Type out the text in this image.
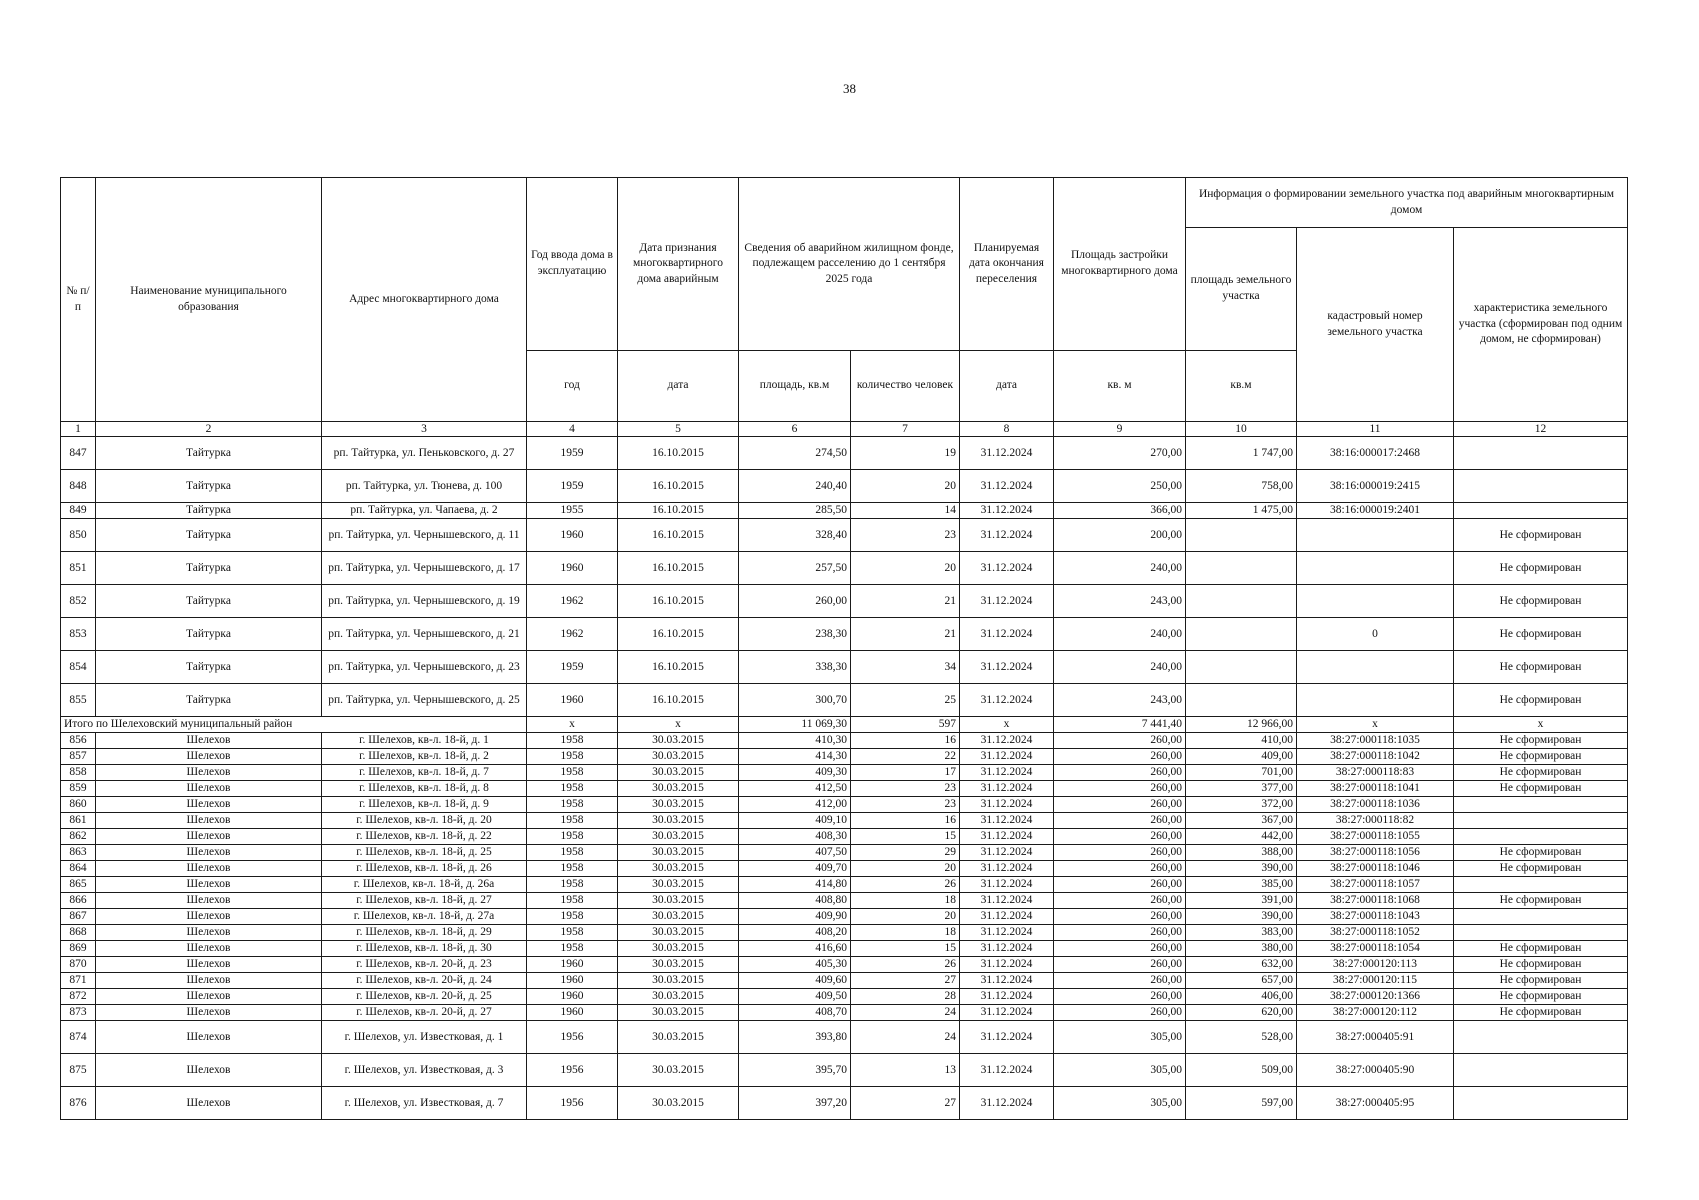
38
№ п/п	Наименование муниципального образования	Адрес многоквартирного дома	Год ввода дома в эксплуатацию	Дата признания многоквартирного дома аварийным	Сведения об аварийном жилищном фонде, подлежащем расселению до 1 сентября 2025 года		Планируемая дата окончания переселения	Площадь застройки многоквартирного дома	Информация о формировании земельного участка под аварийным многоквартирным домом		
									площадь земельного участка	кадастровый номер земельного участка	характеристика земельного участка (сформирован под одним домом, не сформирован)
			год	дата	площадь, кв.м	количество человек	дата	кв. м	кв.м		
1	2	3	4	5	6	7	8	9	10	11	12
847	Тайтурка	рп. Тайтурка, ул. Пеньковского, д. 27	1959	16.10.2015	274,50	19	31.12.2024	270,00	1 747,00	38:16:000017:2468	
848	Тайтурка	рп. Тайтурка, ул. Тюнева, д. 100	1959	16.10.2015	240,40	20	31.12.2024	250,00	758,00	38:16:000019:2415	
849	Тайтурка	рп. Тайтурка, ул. Чапаева, д. 2	1955	16.10.2015	285,50	14	31.12.2024	366,00	1 475,00	38:16:000019:2401	
850	Тайтурка	рп. Тайтурка, ул. Чернышевского, д. 11	1960	16.10.2015	328,40	23	31.12.2024	200,00			Не сформирован
851	Тайтурка	рп. Тайтурка, ул. Чернышевского, д. 17	1960	16.10.2015	257,50	20	31.12.2024	240,00			Не сформирован
852	Тайтурка	рп. Тайтурка, ул. Чернышевского, д. 19	1962	16.10.2015	260,00	21	31.12.2024	243,00			Не сформирован
853	Тайтурка	рп. Тайтурка, ул. Чернышевского, д. 21	1962	16.10.2015	238,30	21	31.12.2024	240,00		0	Не сформирован
854	Тайтурка	рп. Тайтурка, ул. Чернышевского, д. 23	1959	16.10.2015	338,30	34	31.12.2024	240,00			Не сформирован
855	Тайтурка	рп. Тайтурка, ул. Чернышевского, д. 25	1960	16.10.2015	300,70	25	31.12.2024	243,00			Не сформирован
Итого по Шелеховский муниципальный район			х	х	11 069,30	597	х	7 441,40	12 966,00	х	х
856	Шелехов	г. Шелехов, кв-л. 18-й, д. 1	1958	30.03.2015	410,30	16	31.12.2024	260,00	410,00	38:27:000118:1035	Не сформирован
857	Шелехов	г. Шелехов, кв-л. 18-й, д. 2	1958	30.03.2015	414,30	22	31.12.2024	260,00	409,00	38:27:000118:1042	Не сформирован
858	Шелехов	г. Шелехов, кв-л. 18-й, д. 7	1958	30.03.2015	409,30	17	31.12.2024	260,00	701,00	38:27:000118:83	Не сформирован
859	Шелехов	г. Шелехов, кв-л. 18-й, д. 8	1958	30.03.2015	412,50	23	31.12.2024	260,00	377,00	38:27:000118:1041	Не сформирован
860	Шелехов	г. Шелехов, кв-л. 18-й, д. 9	1958	30.03.2015	412,00	23	31.12.2024	260,00	372,00	38:27:000118:1036	
861	Шелехов	г. Шелехов, кв-л. 18-й, д. 20	1958	30.03.2015	409,10	16	31.12.2024	260,00	367,00	38:27:000118:82	
862	Шелехов	г. Шелехов, кв-л. 18-й, д. 22	1958	30.03.2015	408,30	15	31.12.2024	260,00	442,00	38:27:000118:1055	
863	Шелехов	г. Шелехов, кв-л. 18-й, д. 25	1958	30.03.2015	407,50	29	31.12.2024	260,00	388,00	38:27:000118:1056	Не сформирован
864	Шелехов	г. Шелехов, кв-л. 18-й, д. 26	1958	30.03.2015	409,70	20	31.12.2024	260,00	390,00	38:27:000118:1046	Не сформирован
865	Шелехов	г. Шелехов, кв-л. 18-й, д. 26а	1958	30.03.2015	414,80	26	31.12.2024	260,00	385,00	38:27:000118:1057	
866	Шелехов	г. Шелехов, кв-л. 18-й, д. 27	1958	30.03.2015	408,80	18	31.12.2024	260,00	391,00	38:27:000118:1068	Не сформирован
867	Шелехов	г. Шелехов, кв-л. 18-й, д. 27а	1958	30.03.2015	409,90	20	31.12.2024	260,00	390,00	38:27:000118:1043	
868	Шелехов	г. Шелехов, кв-л. 18-й, д. 29	1958	30.03.2015	408,20	18	31.12.2024	260,00	383,00	38:27:000118:1052	
869	Шелехов	г. Шелехов, кв-л. 18-й, д. 30	1958	30.03.2015	416,60	15	31.12.2024	260,00	380,00	38:27:000118:1054	Не сформирован
870	Шелехов	г. Шелехов, кв-л. 20-й, д. 23	1960	30.03.2015	405,30	26	31.12.2024	260,00	632,00	38:27:000120:113	Не сформирован
871	Шелехов	г. Шелехов, кв-л. 20-й, д. 24	1960	30.03.2015	409,60	27	31.12.2024	260,00	657,00	38:27:000120:115	Не сформирован
872	Шелехов	г. Шелехов, кв-л. 20-й, д. 25	1960	30.03.2015	409,50	28	31.12.2024	260,00	406,00	38:27:000120:1366	Не сформирован
873	Шелехов	г. Шелехов, кв-л. 20-й, д. 27	1960	30.03.2015	408,70	24	31.12.2024	260,00	620,00	38:27:000120:112	Не сформирован
874	Шелехов	г. Шелехов, ул. Известковая, д. 1	1956	30.03.2015	393,80	24	31.12.2024	305,00	528,00	38:27:000405:91	
875	Шелехов	г. Шелехов, ул. Известковая, д. 3	1956	30.03.2015	395,70	13	31.12.2024	305,00	509,00	38:27:000405:90	
876	Шелехов	г. Шелехов, ул. Известковая, д. 7	1956	30.03.2015	397,20	27	31.12.2024	305,00	597,00	38:27:000405:95	
